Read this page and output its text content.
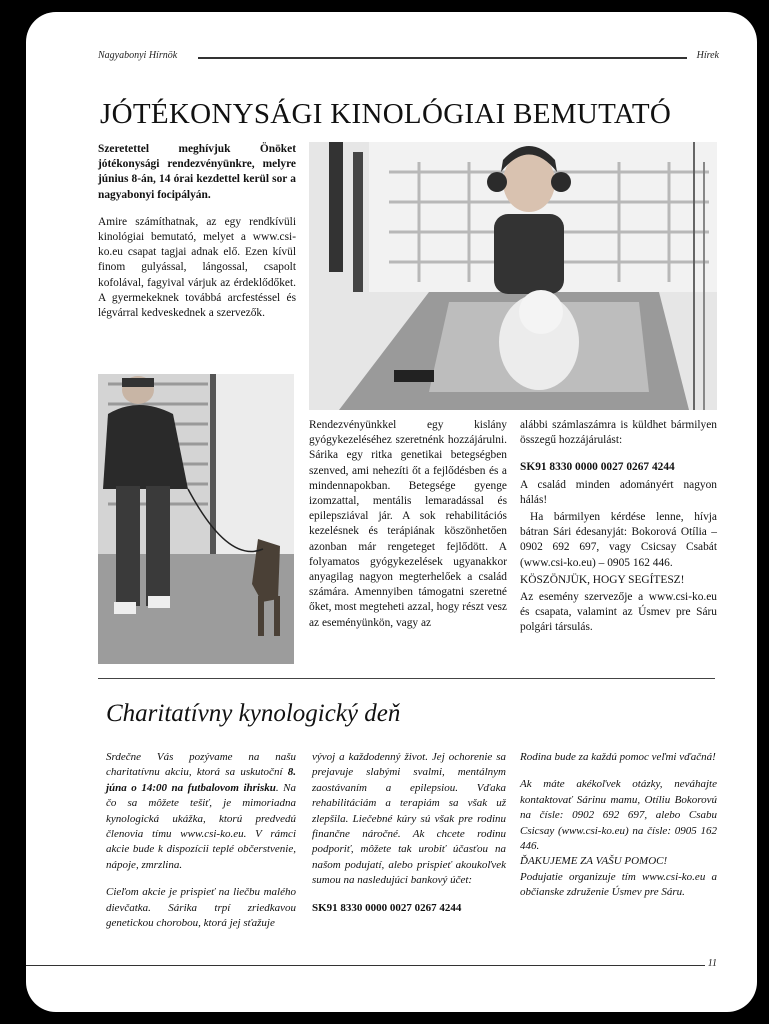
Nagyabonyi Hírnök	Hírek
JÓTÉKONYSÁGI KINOLÓGIAI BEMUTATÓ

Szeretettel meghívjuk Önöket jótékonysági rendezvényünkre, melyre június 8-án, 14 órai kezdettel kerül sor a nagyabonyi focipályán.

Amire számíthatnak, az egy rendkívüli kinológiai bemutató, melyet a www.csi-ko.eu csapat tagjai adnak elő. Ezen kívül finom gulyással, lángossal, csapolt kofolával, fagyival várjuk az érdeklődőket. A gyermekeknek továbbá arcfestéssel és légvárral kedveskednek a szervezők.

Rendezvényünkkel egy kislány gyógykezeléséhez szeretnénk hozzájárulni. Sárika egy ritka genetikai betegségben szenved, ami nehezíti őt a fejlődésben és a mindennapokban. Betegsége gyenge izomzattal, mentális lemaradással és epilepsziával jár. A sok rehabilitációs kezelésnek és terápiának köszönhetően azonban már rengeteget fejlődött. A folyamatos gyógykezelések ugyanakkor anyagilag nagyon megterhelőek a család számára. Amennyiben támogatni szeretné őket, most megteheti azzal, hogy részt vesz az eseményünkön, vagy az

alábbi számlaszámra is küldhet bármilyen összegű hozzájárulást:

SK91 8330 0000 0027 0267 4244

A család minden adományért nagyon hálás!

Ha bármilyen kérdése lenne, hívja bátran Sári édesanyját: Bokorová Otília – 0902 692 697, vagy Csicsay Csabát (www.csi-ko.eu) – 0905 162 446.

KÖSZÖNJÜK, HOGY SEGÍTESZ!

Az esemény szervezője a www.csi-ko.eu és csapata, valamint az Úsmev pre Sáru polgári társulás.

Charitatívny kynologický deň

Srdečne Vás pozývame na našu charitatívnu akciu, ktorá sa uskutoční 8. júna o 14:00 na futbalovom ihrisku. Na čo sa môžete tešiť, je mimoriadna kynologická ukážka, ktorú predvedú členovia tímu www.csi-ko.eu. V rámci akcie bude k dispozícii teplé občerstvenie, nápoje, zmrzlina.

Cieľom akcie je prispieť na liečbu malého dievčatka. Sárika trpí zriedkavou genetickou chorobou, ktorá jej sťažuje

vývoj a každodenný život. Jej ochorenie sa prejavuje slabými svalmi, mentálnym zaostávaním a epilepsiou. Vďaka rehabilitáciám a terapiám sa však už zlepšila. Liečebné kúry sú však pre rodinu finančne náročné. Ak chcete rodinu podporiť, môžete tak urobiť účasťou na našom podujatí, alebo prispieť akoukoľvek sumou na nasledujúci bankový účet:

SK91 8330 0000 0027 0267 4244

Rodina bude za každú pomoc veľmi vďačná!

Ak máte akékoľvek otázky, neváhajte kontaktovať Sárinu mamu, Otíliu Bokorovú na čísle: 0902 692 697, alebo Csabu Csicsay (www.csi-ko.eu) na čísle: 0905 162 446.

ĎAKUJEME ZA VAŠU POMOC!

Podujatie organizuje tím www.csi-ko.eu a občianske združenie Úsmev pre Sáru.

11
